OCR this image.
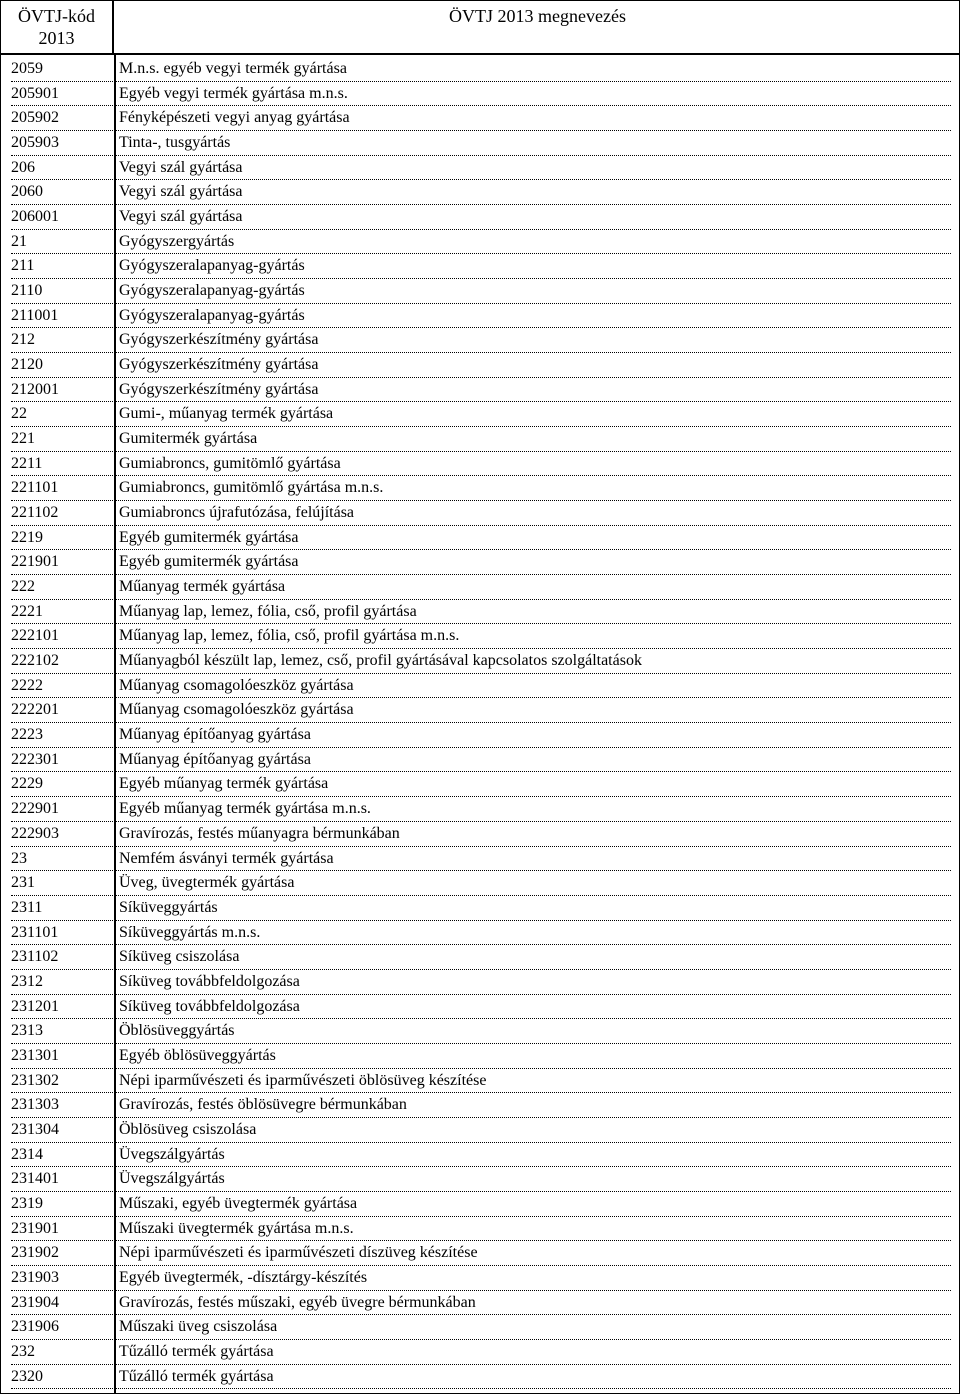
ÖVTJ-kód
2013
ÖVTJ 2013 megnevezés
2059	M.n.s. egyéb vegyi termék gyártása
205901	Egyéb vegyi termék gyártása m.n.s.
205902	Fényképészeti vegyi anyag gyártása
205903	Tinta-, tusgyártás
206	Vegyi szál gyártása
2060	Vegyi szál gyártása
206001	Vegyi szál gyártása
21	Gyógyszergyártás
211	Gyógyszeralapanyag-gyártás
2110	Gyógyszeralapanyag-gyártás
211001	Gyógyszeralapanyag-gyártás
212	Gyógyszerkészítmény gyártása
2120	Gyógyszerkészítmény gyártása
212001	Gyógyszerkészítmény gyártása
22	Gumi-, műanyag termék gyártása
221	Gumitermék gyártása
2211	Gumiabroncs, gumitömlő gyártása
221101	Gumiabroncs, gumitömlő gyártása m.n.s.
221102	Gumiabroncs újrafutózása, felújítása
2219	Egyéb gumitermék gyártása
221901	Egyéb gumitermék gyártása
222	Műanyag termék gyártása
2221	Műanyag lap, lemez, fólia, cső, profil gyártása
222101	Műanyag lap, lemez, fólia, cső, profil gyártása m.n.s.
222102	Műanyagból készült lap, lemez, cső, profil gyártásával kapcsolatos szolgáltatások
2222	Műanyag csomagolóeszköz gyártása
222201	Műanyag csomagolóeszköz gyártása
2223	Műanyag építőanyag gyártása
222301	Műanyag építőanyag gyártása
2229	Egyéb műanyag termék gyártása
222901	Egyéb műanyag termék gyártása m.n.s.
222903	Gravírozás, festés műanyagra bérmunkában
23	Nemfém ásványi termék gyártása
231	Üveg, üvegtermék gyártása
2311	Síküveggyártás
231101	Síküveggyártás m.n.s.
231102	Síküveg csiszolása
2312	Síküveg továbbfeldolgozása
231201	Síküveg továbbfeldolgozása
2313	Öblösüveggyártás
231301	Egyéb öblösüveggyártás
231302	Népi iparművészeti és iparművészeti öblösüveg készítése
231303	Gravírozás, festés öblösüvegre bérmunkában
231304	Öblösüveg csiszolása
2314	Üvegszálgyártás
231401	Üvegszálgyártás
2319	Műszaki, egyéb üvegtermék gyártása
231901	Műszaki üvegtermék gyártása m.n.s.
231902	Népi iparművészeti és iparművészeti díszüveg készítése
231903	Egyéb üvegtermék, -dísztárgy-készítés
231904	Gravírozás, festés műszaki, egyéb üvegre bérmunkában
231906	Műszaki üveg csiszolása
232	Tűzálló termék gyártása
2320	Tűzálló termék gyártása
